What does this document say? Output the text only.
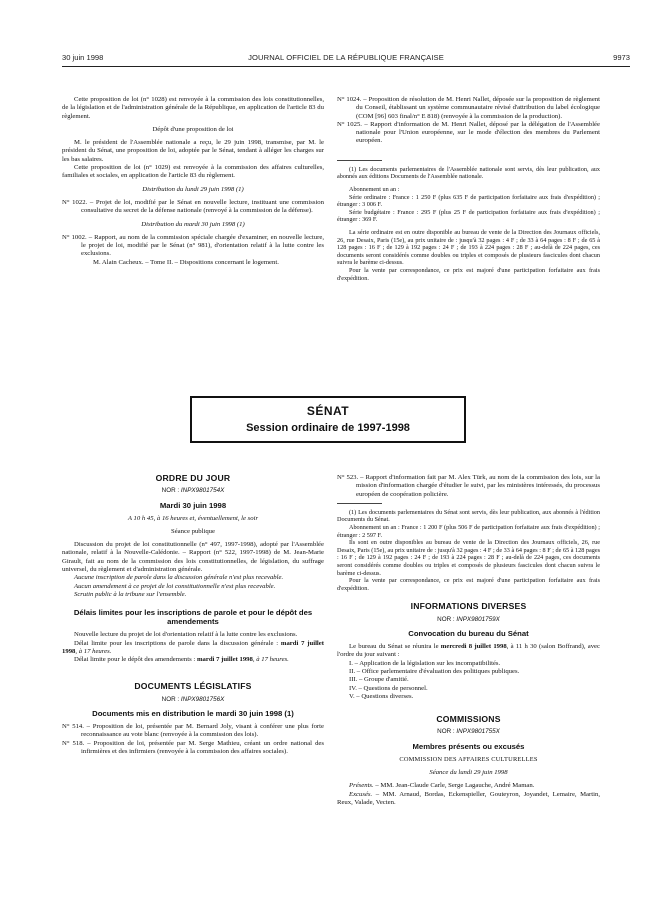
30 juin 1998	JOURNAL OFFICIEL DE LA RÉPUBLIQUE FRANÇAISE	9973

Cette proposition de loi (n° 1028) est renvoyée à la commission des lois constitutionnelles, de la législation et de l'administration générale de la République, en application de l'article 83 du règlement.

Dépôt d'une proposition de loi

M. le président de l'Assemblée nationale a reçu, le 29 juin 1998, transmise, par M. le président du Sénat, une proposition de loi, adoptée par le Sénat, tendant à alléger les charges sur les bas salaires.

Cette proposition de loi (n° 1029) est renvoyée à la commission des affaires culturelles, familiales et sociales, en application de l'article 83 du règlement.

Distribution du lundi 29 juin 1998 (1)

N° 1022. – Projet de loi, modifié par le Sénat en nouvelle lecture, instituant une commission consultative du secret de la défense nationale (renvoyé à la commission de la défense).

Distribution du mardi 30 juin 1998 (1)

N° 1002. – Rapport, au nom de la commission spéciale chargée d'examiner, en nouvelle lecture, le projet de loi, modifié par le Sénat (n° 981), d'orientation relatif à la lutte contre les exclusions.

M. Alain Cacheux. – Tome II. – Dispositions concernant le logement.

N° 1024. – Proposition de résolution de M. Henri Nallet, déposée sur la proposition de règlement du Conseil, établissant un système communautaire révisé d'attribution du label écologique (COM [96] 603 final/n° E 818) (renvoyée à la commission de la production).

N° 1025. – Rapport d'information de M. Henri Nallet, déposé par la délégation de l'Assemblée nationale pour l'Union européenne, sur le mode d'élection des membres du Parlement européen.

(1) Les documents parlementaires de l'Assemblée nationale sont servis, dès leur publication, aux abonnés aux éditions Documents de l'Assemblée nationale.

Abonnement un an :

Série ordinaire : France : 1 250 F (plus 635 F de participation forfaitaire aux frais d'expédition) ; étranger : 3 006 F.

Série budgétaire : France : 295 F (plus 25 F de participation forfaitaire aux frais d'expédition) ; étranger : 369 F.

La série ordinaire est en outre disponible au bureau de vente de la Direction des Journaux officiels, 26, rue Desaix, Paris (15e), au prix unitaire de : jusqu'à 32 pages : 4 F ; de 33 à 64 pages : 8 F ; de 65 à 128 pages : 16 F ; de 129 à 192 pages : 24 F ; de 193 à 224 pages : 28 F ; au-delà de 224 pages, ces documents seront considérés comme doubles ou triples et composés de plusieurs fascicules dont chacun suivra le barème ci-dessus.

Pour la vente par correspondance, ce prix est majoré d'une participation forfaitaire aux frais d'expédition.

SÉNAT
Session ordinaire de 1997-1998
ORDRE DU JOUR
NOR : INPX9801754X
Mardi 30 juin 1998

A 10 h 45, à 16 heures et, éventuellement, le soir

Séance publique

Discussion du projet de loi constitutionnelle (n° 497, 1997-1998), adopté par l'Assemblée nationale, relatif à la Nouvelle-Calédonie. – Rapport (n° 522, 1997-1998) de M. Jean-Marie Girault, fait au nom de la commission des lois constitutionnelles, de législation, du suffrage universel, du règlement et d'administration générale.

Aucune inscription de parole dans la discussion générale n'est plus recevable.

Aucun amendement à ce projet de loi constitutionnelle n'est plus recevable.

Scrutin public à la tribune sur l'ensemble.

Délais limites pour les inscriptions de parole et pour le dépôt des amendements

Nouvelle lecture du projet de loi d'orientation relatif à la lutte contre les exclusions.

Délai limite pour les inscriptions de parole dans la discussion générale : mardi 7 juillet 1998, à 17 heures.

Délai limite pour le dépôt des amendements : mardi 7 juillet 1998, à 17 heures.

DOCUMENTS LÉGISLATIFS
NOR : INPX9801756X
Documents mis en distribution le mardi 30 juin 1998 (1)

N° 514. – Proposition de loi, présentée par M. Bernard Joly, visant à conférer une plus forte reconnaissance au vote blanc (renvoyée à la commission des lois).

N° 518. – Proposition de loi, présentée par M. Serge Mathieu, créant un ordre national des infirmières et des infirmiers (renvoyée à la commission des affaires sociales).

N° 523. – Rapport d'information fait par M. Alex Türk, au nom de la commission des lois, sur la mission d'information chargée d'étudier le suivi, par les ministères intéressés, du processus européen de coopération policière.

(1) Les documents parlementaires du Sénat sont servis, dès leur publication, aux abonnés à l'édition Documents du Sénat.

Abonnement un an : France : 1 200 F (plus 506 F de participation forfaitaire aux frais d'expédition) ; étranger : 2 597 F.

Ils sont en outre disponibles au bureau de vente de la Direction des Journaux officiels, 26, rue Desaix, Paris (15e), au prix unitaire de : jusqu'à 32 pages : 4 F ; de 33 à 64 pages : 8 F ; de 65 à 128 pages : 16 F ; de 129 à 192 pages : 24 F ; de 193 à 224 pages : 28 F ; au-delà de 224 pages, ces documents seront considérés comme doubles ou triples et composés de plusieurs fascicules dont chacun suivra le barème ci-dessus.

Pour la vente par correspondance, ce prix est majoré d'une participation forfaitaire aux frais d'expédition.

INFORMATIONS DIVERSES
NOR : INPX9801759X
Convocation du bureau du Sénat

Le bureau du Sénat se réunira le mercredi 8 juillet 1998, à 11 h 30 (salon Boffrand), avec l'ordre du jour suivant :

I. – Application de la législation sur les incompatibilités.

II. – Office parlementaire d'évaluation des politiques publiques.

III. – Groupe d'amitié.

IV. – Questions de personnel.

V. – Questions diverses.

COMMISSIONS
NOR : INPX9801755X
Membres présents ou excusés

COMMISSION DES AFFAIRES CULTURELLES

Séance du lundi 29 juin 1998

Présents. – MM. Jean-Claude Carle, Serge Lagauche, André Maman.

Excusés. – MM. Arnaud, Bordas, Eckenspieller, Gouteyron, Joyandet, Lemaire, Martin, Reux, Valade, Vecten.
